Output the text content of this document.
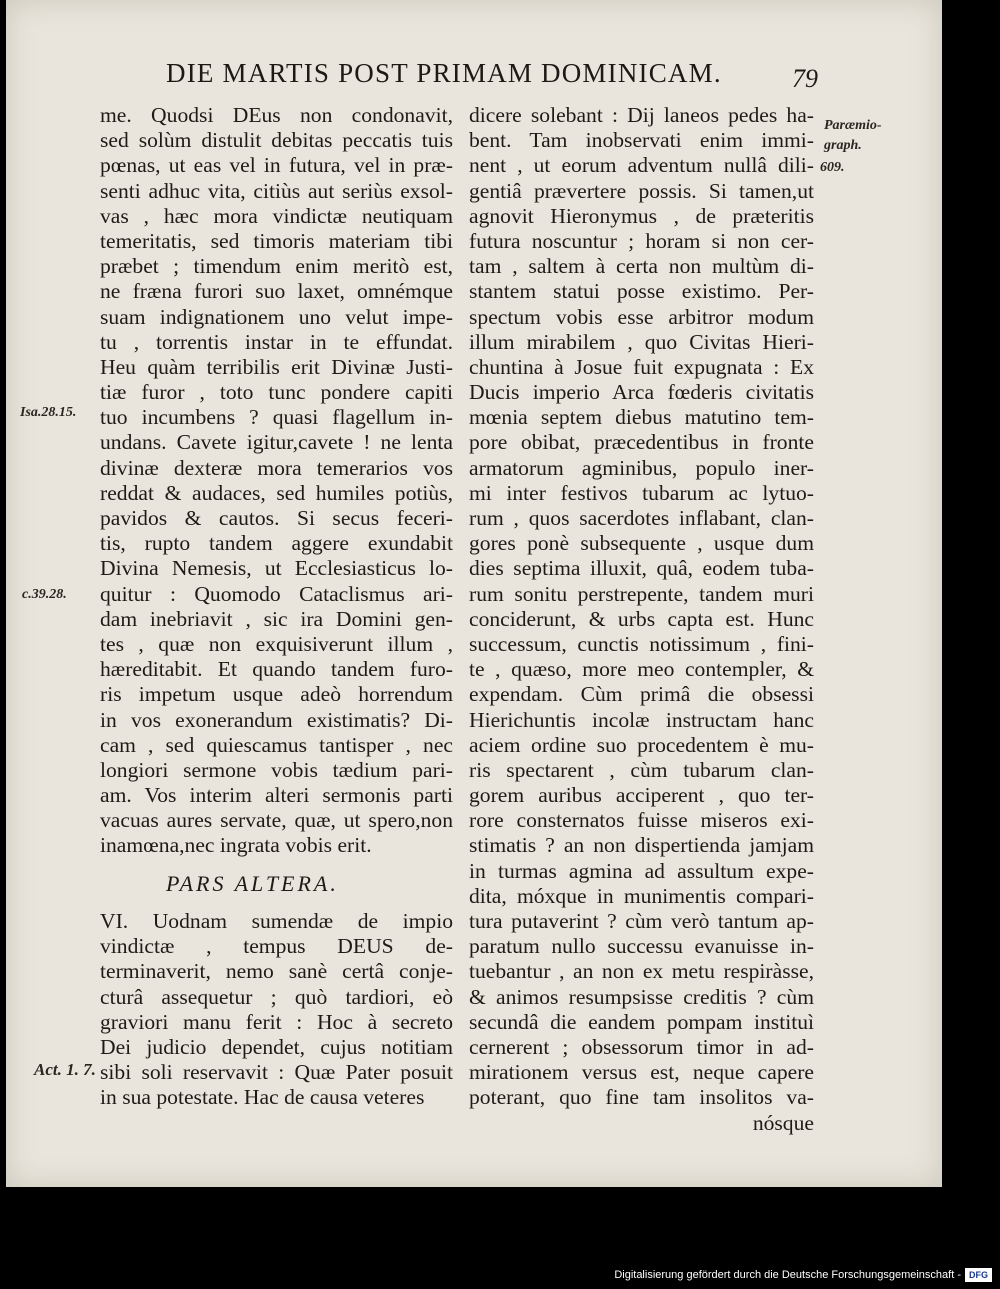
DIE MARTIS POST PRIMAM DOMINICAM.	79
me. Quodsi DEus non condonavit,
sed solùm distulit debitas peccatis tuis
pœnas, ut eas vel in futura, vel in præ-
senti adhuc vita, citiùs aut seriùs exsol-
vas , hæc mora vindictæ neutiquam
temeritatis, sed timoris materiam tibi
præbet ; timendum enim meritò est,
ne fræna furori suo laxet, omnémque
suam indignationem uno velut impe-
tu , torrentis instar in te effundat.
Heu quàm terribilis erit Divinæ Justi-
tiæ furor , toto tunc pondere capiti
tuo incumbens ? quasi flagellum in-
undans. Cavete igitur,cavete ! ne lenta
divinæ dexteræ mora temerarios vos
reddat & audaces, sed humiles potiùs,
pavidos & cautos. Si secus feceri-
tis, rupto tandem aggere exundabit
Divina Nemesis, ut Ecclesiasticus lo-
quitur : Quomodo Cataclismus ari-
dam inebriavit , sic ira Domini gen-
tes , quæ non exquisiverunt illum ,
hæreditabit. Et quando tandem furo-
ris impetum usque adeò horrendum
in vos exonerandum existimatis? Di-
cam , sed quiescamus tantisper , nec
longiori sermone vobis tædium pari-
am. Vos interim alteri sermonis parti
vacuas aures servate, quæ, ut spero,non
inamœna,nec ingrata vobis erit.
PARS ALTERA.
VI. Uodnam sumendæ de impio
vindictæ , tempus DEUS de-
terminaverit, nemo sanè certâ conje-
cturâ assequetur ; quò tardiori, eò
graviori manu ferit : Hoc à secreto
Dei judicio dependet, cujus notitiam
sibi soli reservavit : Quæ Pater posuit
in sua potestate. Hac de causa veteres
dicere solebant : Dij laneos pedes ha-
bent. Tam inobservati enim immi-
nent , ut eorum adventum nullâ dili-
gentiâ prævertere possis. Si tamen,ut
agnovit Hieronymus , de præteritis
futura noscuntur ; horam si non cer-
tam , saltem à certa non multùm di-
stantem statui posse existimo. Per-
spectum vobis esse arbitror modum
illum mirabilem , quo Civitas Hieri-
chuntina à Josue fuit expugnata : Ex
Ducis imperio Arca fœderis civitatis
mœnia septem diebus matutino tem-
pore obibat, præcedentibus in fronte
armatorum agminibus, populo iner-
mi inter festivos tubarum ac lytuo-
rum , quos sacerdotes inflabant, clan-
gores ponè subsequente , usque dum
dies septima illuxit, quâ, eodem tuba-
rum sonitu perstrepente, tandem muri
conciderunt, & urbs capta est. Hunc
successum, cunctis notissimum , fini-
te , quæso, more meo contempler, &
expendam. Cùm primâ die obsessi
Hierichuntis incolæ instructam hanc
aciem ordine suo procedentem è mu-
ris spectarent , cùm tubarum clan-
gorem auribus acciperent , quo ter-
rore consternatos fuisse miseros exi-
stimatis ? an non dispertienda jamjam
in turmas agmina ad assultum expe-
dita, móxque in munimentis compari-
tura putaverint ? cùm verò tantum ap-
paratum nullo successu evanuisse in-
tuebantur , an non ex metu respiràsse,
& animos resumpsisse creditis ? cùm
secundâ die eandem pompam instituì
cernerent ; obsessorum timor in ad-
mirationem versus est, neque capere
poterant, quo fine tam insolitos va-
nósque
Isa.28.15.
c.39.28.
Act. 1. 7.
Paræmio-
graph.
609.
Digitalisierung gefördert durch die Deutsche Forschungsgemeinschaft - DFG
